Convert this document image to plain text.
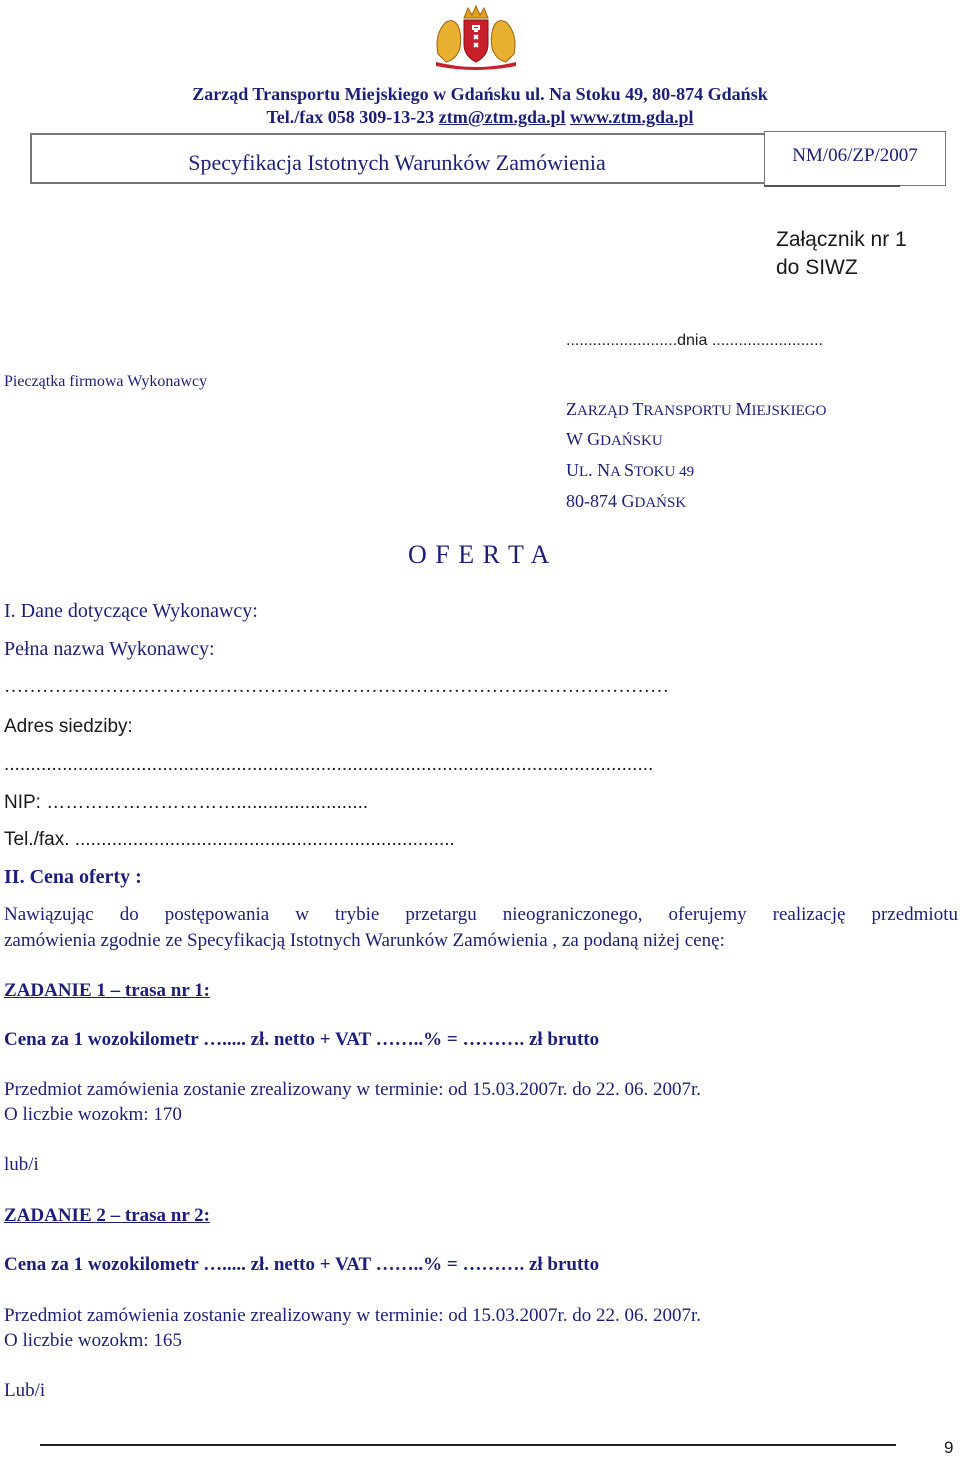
Zarząd Transportu Miejskiego w Gdańsku ul. Na Stoku 49, 80-874 Gdańsk
Tel./fax 058 309-13-23 ztm@ztm.gda.pl www.ztm.gda.pl
Specyfikacja Istotnych Warunków Zamówienia	NM/06/ZP/2007
Załącznik nr 1
do SIWZ
.........................dnia .........................
Pieczątka firmowa Wykonawcy
ZARZĄD TRANSPORTU MIEJSKIEGO
W GDAŃSKU
UL. NA STOKU 49
80-874 GDAŃSK
O F E R T A
I. Dane dotyczące Wykonawcy:
Pełna nazwa Wykonawcy:
……………………………………………………………………………………………
Adres siedziby:
...........................................................................................................................
NIP: ………………………….........................
Tel./fax. ........................................................................
II. Cena oferty :
Nawiązując do postępowania w trybie przetargu nieograniczonego, oferujemy realizację przedmiotu
zamówienia zgodnie ze Specyfikacją Istotnych Warunków Zamówienia , za podaną niżej cenę:
ZADANIE 1 – trasa nr 1:
Cena za 1 wozokilometr …..... zł. netto + VAT ……..% = ………. zł brutto
Przedmiot zamówienia zostanie zrealizowany w terminie: od 15.03.2007r. do 22. 06. 2007r.
O liczbie wozokm: 170
lub/i
ZADANIE 2 – trasa nr 2:
Cena za 1 wozokilometr …..... zł. netto + VAT ……..% = ………. zł brutto
Przedmiot zamówienia zostanie zrealizowany w terminie: od 15.03.2007r. do 22. 06. 2007r.
O liczbie wozokm: 165
Lub/i
9
